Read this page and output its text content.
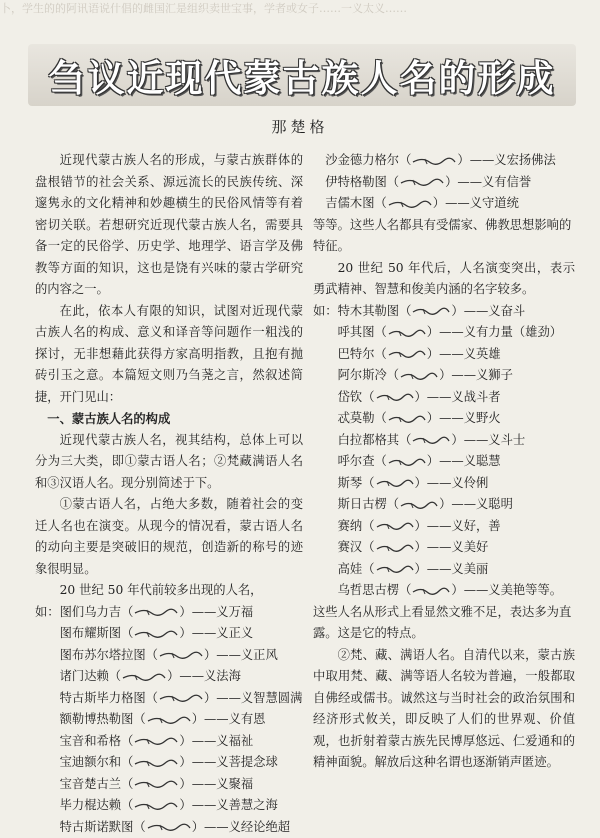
卜，学生的的阿讯语说什倡的雌国汇是组织卖世宝事，学者或女子……一义太义……
刍议近现代蒙古族人名的形成
那楚格

近现代蒙古族人名的形成，与蒙古族群体的盘根错节的社会关系、源远流长的民族传统、深邃隽永的文化精神和妙趣横生的民俗风情等有着密切关联。若想研究近现代蒙古族人名，需要具备一定的民俗学、历史学、地理学、语言学及佛教等方面的知识，这也是饶有兴味的蒙古学研究的内容之一。

在此，依本人有限的知识，试图对近现代蒙古族人名的构成、意义和译音等问题作一粗浅的探讨，无非想藉此获得方家高明指教，且抱有抛砖引玉之意。本篇短文则乃刍荛之言，然叙述简捷，开门见山：

　一、蒙古族人名的构成

近现代蒙古族人名，视其结构，总体上可以分为三大类，即①蒙古语人名；②梵藏满语人名和③汉语人名。现分别简述于下。

①蒙古语人名，占绝大多数，随着社会的变迁人名也在演变。从现今的情况看，蒙古语人名的动向主要是突破旧的规范，创造新的称号的迹象很明显。

20 世纪 50 年代前较多出现的人名，

如：图们乌力吉（	）——义万福

　　图布耀斯图（	）——义正义

　　图布苏尔塔拉图（	）——义正风

　　诸门达赖（	）——义法海

　　特古斯毕力格图（	）——义智慧圆满

　　额勒博热勒图（	）——义有恩

　　宝音和希格（	）——义福祉

　　宝迪额尔和（	）——义菩提念球

　　宝音楚古兰（	）——义聚福

　　毕力棍达赖（	）——义善慧之海

　　特古斯诺默图（	）——义经论绝超

　沙金德力格尔（	）——义宏扬佛法

　伊特格勒图（	）——义有信誉

　吉儒木图（	）——义守道统

等等。这些人名都具有受儒家、佛教思想影响的特征。

20 世纪 50 年代后，人名演变突出，表示勇武精神、智慧和俊美内涵的名字较多。

如：特木其勒图（	）——义奋斗

　　呼其图（	）——义有力量（雄劲）

　　巴特尔（	）——义英雄

　　阿尔斯冷（	）——义狮子

　　岱钦（	）——义战斗者

　　忒莫勒（	）——义野火

　　白拉都格其（	）——义斗士

　　呼尔查（	）——义聪慧

　　斯琴（	）——义伶俐

　　斯日古楞（	）——义聪明

　　赛纳（	）——义好，善

　　赛汉（	）——义美好

　　高娃（	）——义美丽

　　乌哲思古楞（	）——义美艳等等。

这些人名从形式上看显然文雅不足，表达多为直露。这是它的特点。

②梵、藏、满语人名。自清代以来，蒙古族中取用梵、藏、满等语人名较为普遍，一般都取自佛经或儒书。诚然这与当时社会的政治氛围和经济形式攸关，即反映了人们的世界观、价值观，也折射着蒙古族先民博厚悠远、仁爱通和的精神面貌。解放后这种名谓也逐渐销声匿迹。
